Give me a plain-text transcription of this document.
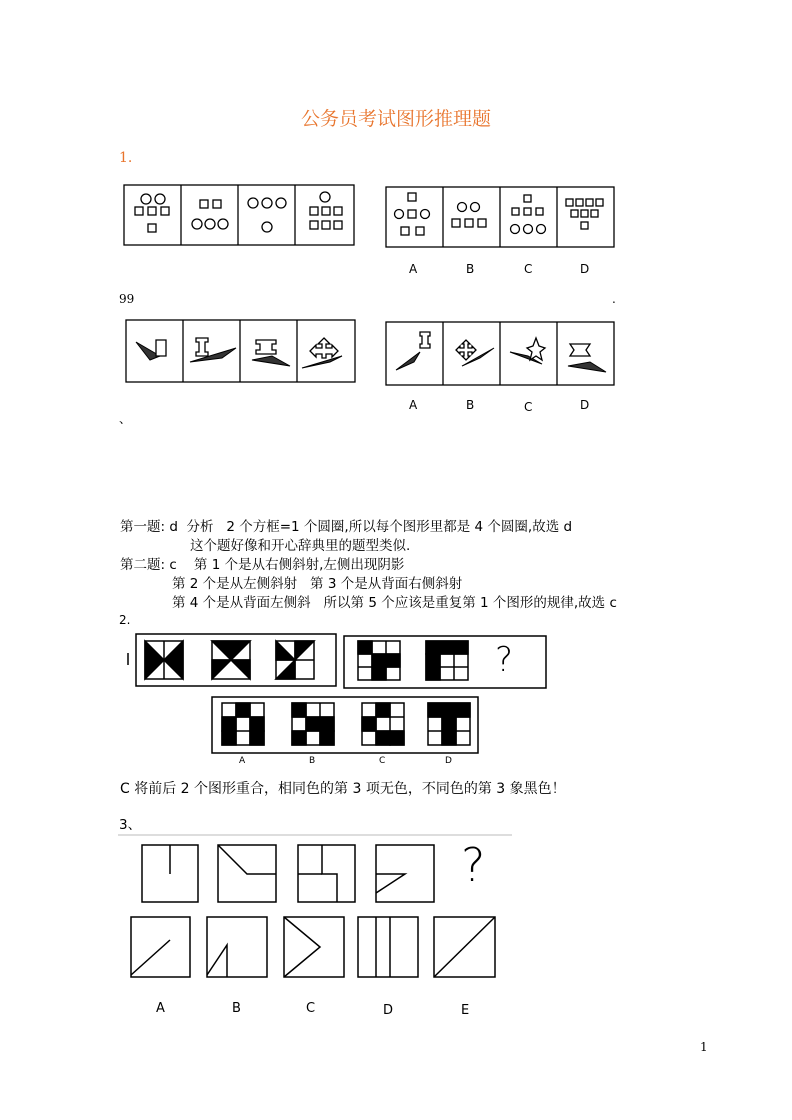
公务员考试图形推理题
1.
A	B	C	D
99	.
A	B	C	D
、
第一题: d  分析   2 个方框=1 个圆圈,所以每个图形里都是 4 个圆圈,故选 d
这个题好像和开心辞典里的题型类似.
第二题: c    第 1 个是从右侧斜射,左侧出现阴影
第 2 个是从左侧斜射   第 3 个是从背面右侧斜射
第 4 个是从背面左侧斜   所以第 5 个应该是重复第 1 个图形的规律,故选 c
2.
?
A	B	C	D
C 将前后 2 个图形重合，相同色的第 3 项无色，不同色的第 3 象黑色！
3、
?
A	B	C	D	E
1
